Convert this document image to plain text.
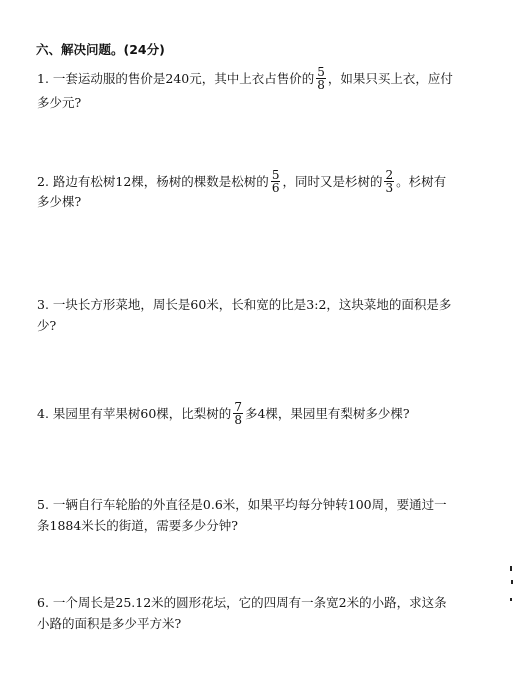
六、解决问题。(24分)
1. 一套运动服的售价是240元，其中上衣占售价的 $\frac{5}{8}$ ，如果只买上衣，应付
多少元?
2. 路边有松树12棵，杨树的棵数是松树的 $\frac{5}{6}$ ，同时又是杉树的 $\frac{2}{3}$ 。杉树有
多少棵?
3. 一块长方形菜地，周长是60米，长和宽的比是3:2，这块菜地的面积是多
少?
4. 果园里有苹果树60棵，比梨树的 $\frac{7}{8}$ 多4棵，果园里有梨树多少棵?
5. 一辆自行车轮胎的外直径是0.6米，如果平均每分钟转100周，要通过一
条1884米长的街道，需要多少分钟?
6. 一个周长是25.12米的圆形花坛，它的四周有一条宽2米的小路，求这条
小路的面积是多少平方米?
